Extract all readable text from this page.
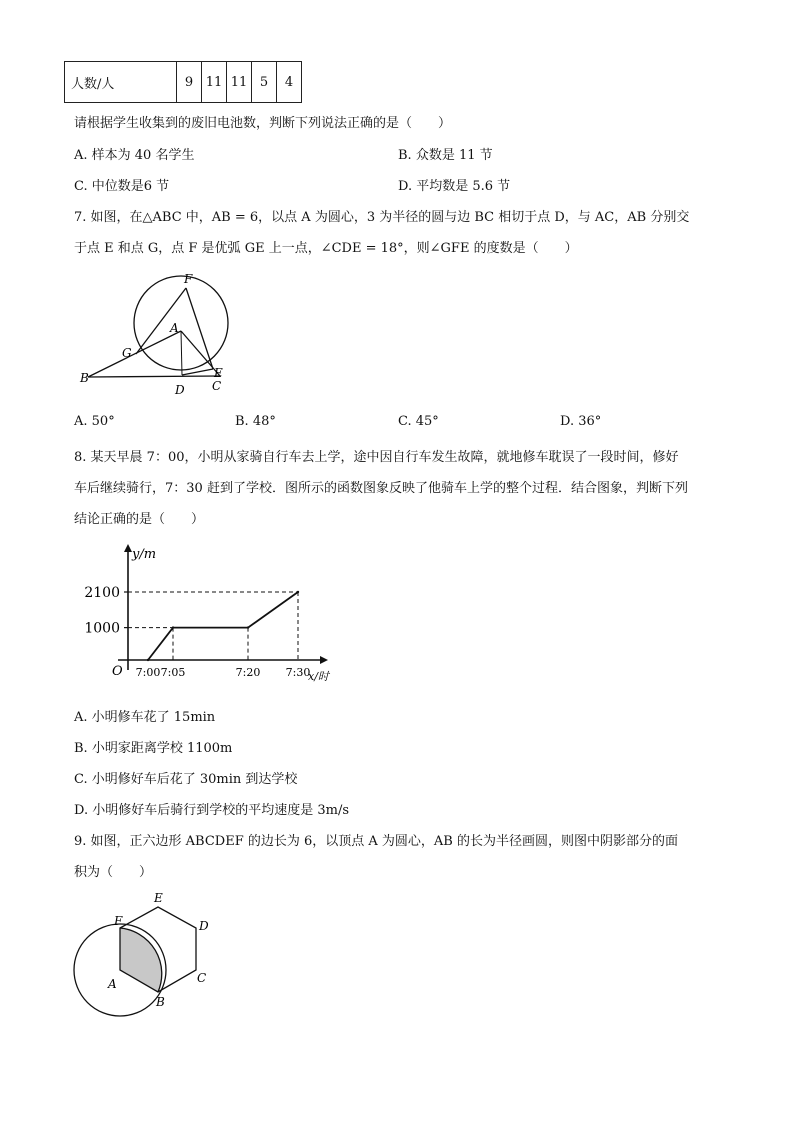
人数/人	9	11	11	5	4
请根据学生收集到的废旧电池数，判断下列说法正确的是（　　）
A. 样本为 40 名学生	B. 众数是 11 节
C. 中位数是6 节	D. 平均数是 5.6 节
7. 如图，在△ABC 中，AB = 6，以点 A 为圆心，3 为半径的圆与边 BC 相切于点 D，与 AC，AB 分别交
于点 E 和点 G，点 F 是优弧 GE 上一点，∠CDE = 18°，则∠GFE 的度数是（　　）
F
A
G
B
D
E
C
A. 50°	B. 48°	C. 45°	D. 36°
8. 某天早晨 7：00，小明从家骑自行车去上学，途中因自行车发生故障，就地修车耽误了一段时间，修好
车后继续骑行，7：30 赶到了学校．图所示的函数图象反映了他骑车上学的整个过程．结合图象，判断下列
结论正确的是（　　）
1000
2100
7:00 7:05	7:20 7:30
y/m
x/时
O
A. 小明修车花了 15min
B. 小明家距离学校 1100m
C. 小明修好车后花了 30min 到达学校
D. 小明修好车后骑行到学校的平均速度是 3m/s
9. 如图，正六边形 ABCDEF 的边长为 6，以顶点 A 为圆心，AB 的长为半径画圆，则图中阴影部分的面
积为（　　）
E
F	D
C
A
B
